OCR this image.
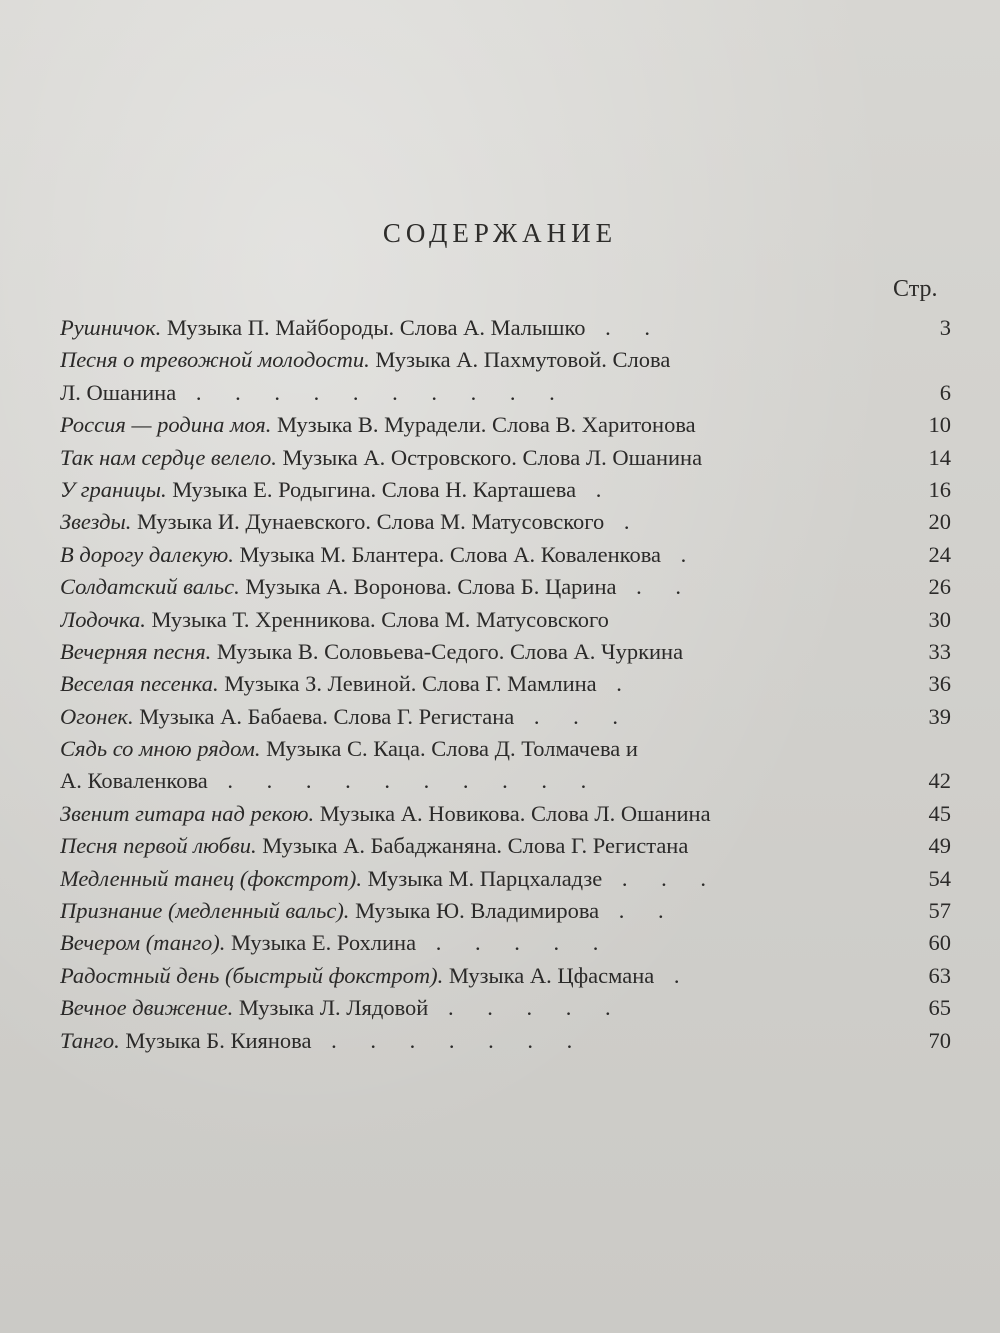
СОДЕРЖАНИЕ
Стр.
Рушничок. Музыка П. Майбороды. Слова А. Малышко . .	3
Песня о тревожной молодости. Музыка А. Пахмутовой. Слова
Л. Ошанина . . . . . . . . . .	6
Россия — родина моя. Музыка В. Мурадели. Слова В. Харитонова	10
Так нам сердце велело. Музыка А. Островского. Слова Л. Ошанина	14
У границы. Музыка Е. Родыгина. Слова Н. Карташева .	16
Звезды. Музыка И. Дунаевского. Слова М. Матусовского .	20
В дорогу далекую. Музыка М. Блантера. Слова А. Коваленкова .	24
Солдатский вальс. Музыка А. Воронова. Слова Б. Царина . .	26
Лодочка. Музыка Т. Хренникова. Слова М. Матусовского	30
Вечерняя песня. Музыка В. Соловьева-Седого. Слова А. Чуркина	33
Веселая песенка. Музыка З. Левиной. Слова Г. Мамлина .	36
Огонек. Музыка А. Бабаева. Слова Г. Регистана . . .	39
Сядь со мною рядом. Музыка С. Каца. Слова Д. Толмачева и
А. Коваленкова . . . . . . . . . .	42
Звенит гитара над рекою. Музыка А. Новикова. Слова Л. Ошанина	45
Песня первой любви. Музыка А. Бабаджаняна. Слова Г. Регистана	49
Медленный танец (фокстрот). Музыка М. Парцхаладзе . . .	54
Признание (медленный вальс). Музыка Ю. Владимирова . .	57
Вечером (танго). Музыка Е. Рохлина . . . . .	60
Радостный день (быстрый фокстрот). Музыка А. Цфасмана .	63
Вечное движение. Музыка Л. Лядовой . . . . .	65
Танго. Музыка Б. Киянова . . . . . . .	70
